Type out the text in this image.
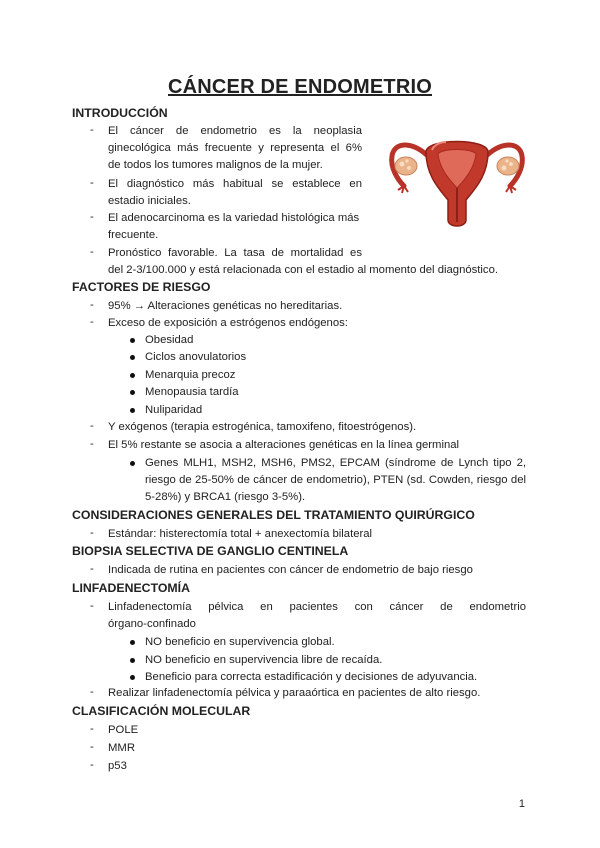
CÁNCER DE ENDOMETRIO
INTRODUCCIÓN
- El cáncer de endometrio es la neoplasia
ginecológica más frecuente y representa el 6%
de todos los tumores malignos de la mujer.
- El diagnóstico más habitual se establece en
estadio iniciales.
- El adenocarcinoma es la variedad histológica más
frecuente.
- Pronóstico favorable. La tasa de mortalidad es
del 2-3/100.000 y está relacionada con el estadio al momento del diagnóstico.
FACTORES DE RIESGO
- 95% → Alteraciones genéticas no hereditarias.
- Exceso de exposición a estrógenos endógenos:
Obesidad
Ciclos anovulatorios
Menarquia precoz
Menopausia tardía
Nuliparidad
- Y exógenos (terapia estrogénica, tamoxifeno, fitoestrógenos).
- El 5% restante se asocia a alteraciones genéticas en la línea germinal
Genes MLH1, MSH2, MSH6, PMS2, EPCAM (síndrome de Lynch tipo 2,
riesgo de 25-50% de cáncer de endometrio), PTEN (sd. Cowden, riesgo del
5-28%) y BRCA1 (riesgo 3-5%).
CONSIDERACIONES GENERALES DEL TRATAMIENTO QUIRÚRGICO
- Estándar: histerectomía total + anexectomía bilateral
BIOPSIA SELECTIVA DE GANGLIO CENTINELA
- Indicada de rutina en pacientes con cáncer de endometrio de bajo riesgo
LINFADENECTOMÍA
- Linfadenectomía pélvica en pacientes con cáncer de endometrio
órgano-confinado
NO beneficio en supervivencia global.
NO beneficio en supervivencia libre de recaída.
Beneficio para correcta estadificación y decisiones de adyuvancia.
- Realizar linfadenectomía pélvica y paraaórtica en pacientes de alto riesgo.
CLASIFICACIÓN MOLECULAR
- POLE
- MMR
- p53
1
